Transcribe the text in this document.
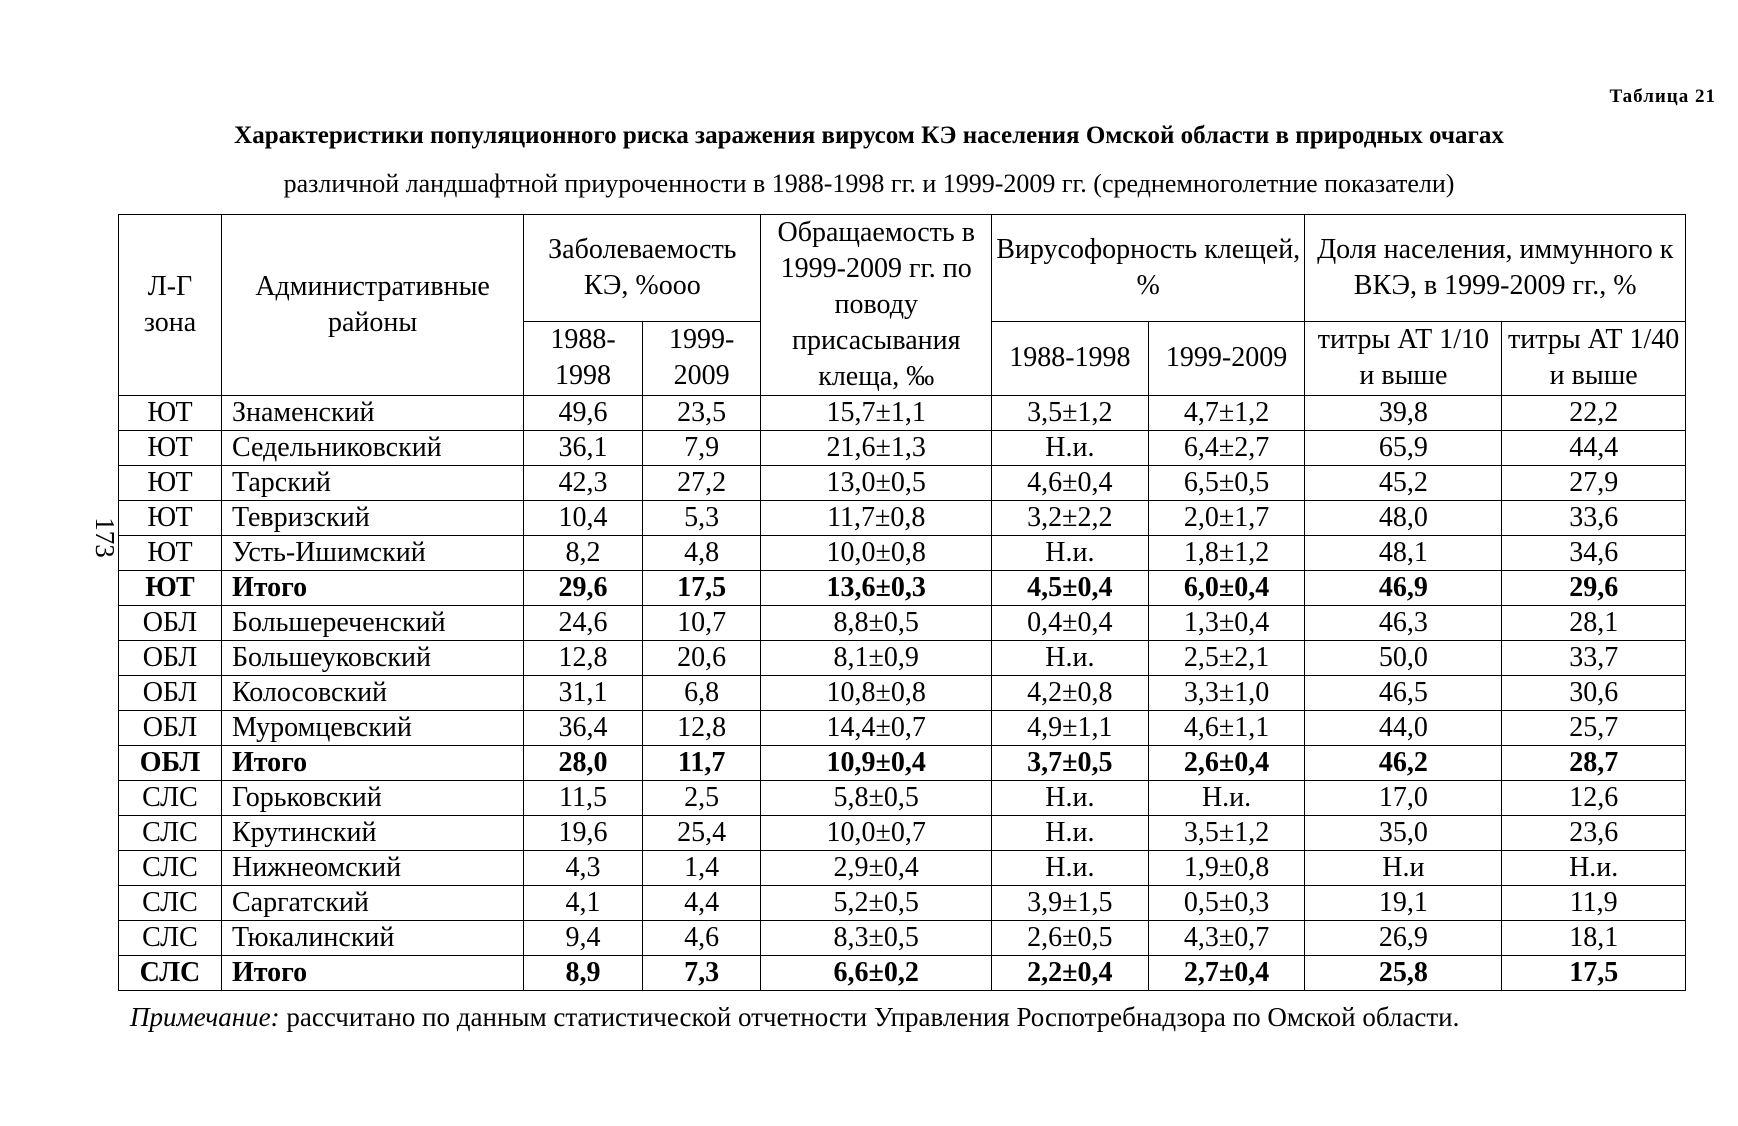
Таблица 21
Характеристики популяционного риска заражения вирусом КЭ населения Омской области в природных очагах
различной ландшафтной приуроченности в 1988-1998 гг. и 1999-2009 гг. (среднемноголетние показатели)
173
Л-Г зона	Административные районы	Заболеваемость КЭ, %ооо		Обращаемость в 1999-2009 гг. по поводу присасывания клеща, ‰	Вирусофорность клещей, %		Доля населения, иммунного к ВКЭ, в 1999-2009 гг., %	
		1988-1998	1999-2009		1988-1998	1999-2009	титры АТ 1/10 и выше	титры АТ 1/40 и выше
ЮТ	Знаменский	49,6	23,5	15,7±1,1	3,5±1,2	4,7±1,2	39,8	22,2
ЮТ	Седельниковский	36,1	7,9	21,6±1,3	Н.и.	6,4±2,7	65,9	44,4
ЮТ	Тарский	42,3	27,2	13,0±0,5	4,6±0,4	6,5±0,5	45,2	27,9
ЮТ	Тевризский	10,4	5,3	11,7±0,8	3,2±2,2	2,0±1,7	48,0	33,6
ЮТ	Усть-Ишимский	8,2	4,8	10,0±0,8	Н.и.	1,8±1,2	48,1	34,6
ЮТ	Итого	29,6	17,5	13,6±0,3	4,5±0,4	6,0±0,4	46,9	29,6
ОБЛ	Большереченский	24,6	10,7	8,8±0,5	0,4±0,4	1,3±0,4	46,3	28,1
ОБЛ	Большеуковский	12,8	20,6	8,1±0,9	Н.и.	2,5±2,1	50,0	33,7
ОБЛ	Колосовский	31,1	6,8	10,8±0,8	4,2±0,8	3,3±1,0	46,5	30,6
ОБЛ	Муромцевский	36,4	12,8	14,4±0,7	4,9±1,1	4,6±1,1	44,0	25,7
ОБЛ	Итого	28,0	11,7	10,9±0,4	3,7±0,5	2,6±0,4	46,2	28,7
СЛС	Горьковский	11,5	2,5	5,8±0,5	Н.и.	Н.и.	17,0	12,6
СЛС	Крутинский	19,6	25,4	10,0±0,7	Н.и.	3,5±1,2	35,0	23,6
СЛС	Нижнеомский	4,3	1,4	2,9±0,4	Н.и.	1,9±0,8	Н.и	Н.и.
СЛС	Саргатский	4,1	4,4	5,2±0,5	3,9±1,5	0,5±0,3	19,1	11,9
СЛС	Тюкалинский	9,4	4,6	8,3±0,5	2,6±0,5	4,3±0,7	26,9	18,1
СЛС	Итого	8,9	7,3	6,6±0,2	2,2±0,4	2,7±0,4	25,8	17,5
Примечание: рассчитано по данным статистической отчетности Управления Роспотребнадзора по Омской области.
